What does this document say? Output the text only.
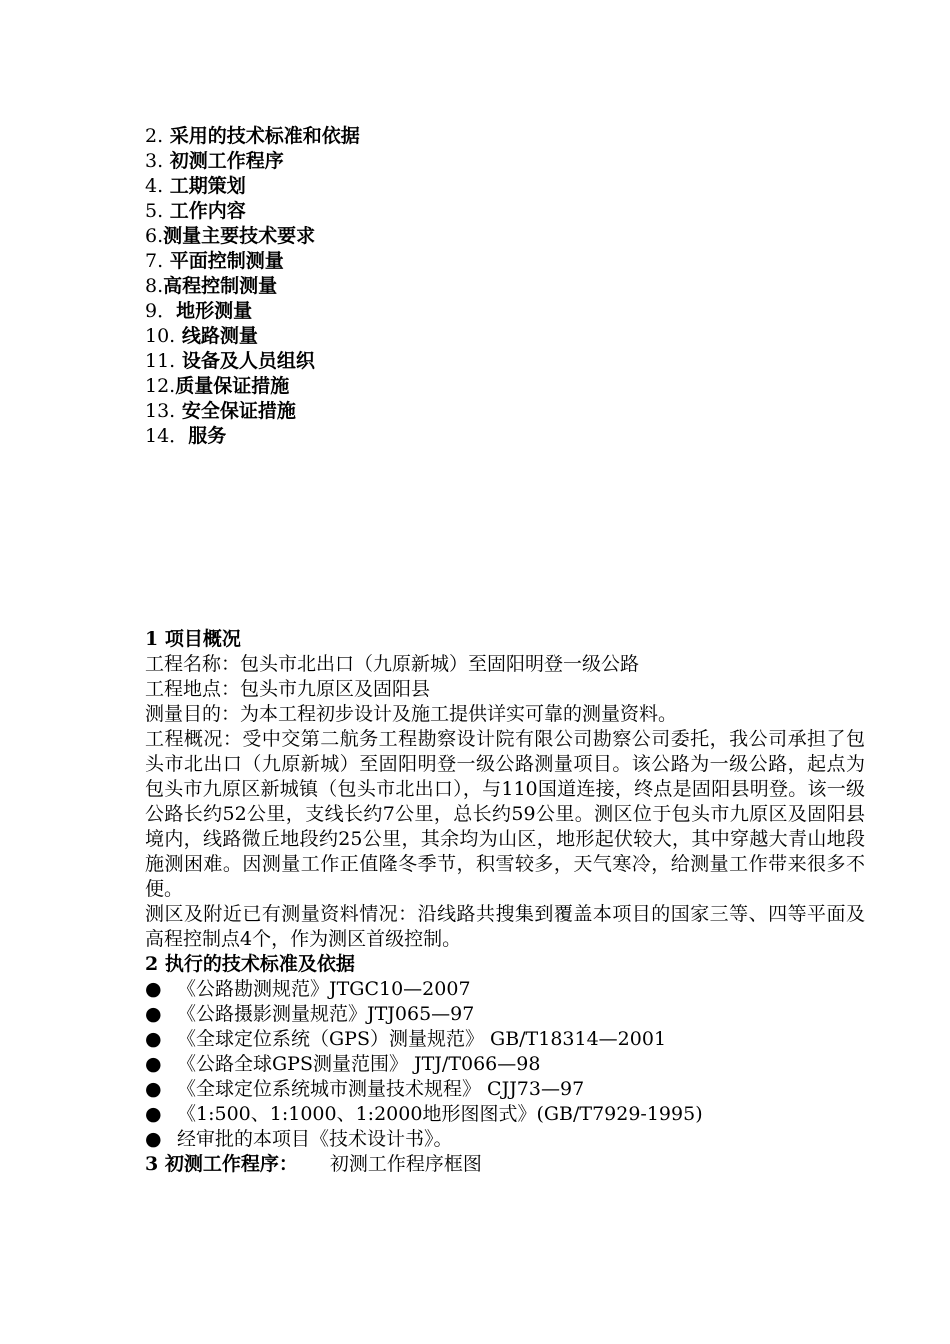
2. 采用的技术标准和依据
3. 初测工作程序
4. 工期策划
5. 工作内容
6.测量主要技术要求
7. 平面控制测量
8.高程控制测量
9．地形测量
10. 线路测量
11. 设备及人员组织
12.质量保证措施
13. 安全保证措施
14．服务
1 项目概况
工程名称：包头市北出口（九原新城）至固阳明登一级公路
工程地点：包头市九原区及固阳县
测量目的：为本工程初步设计及施工提供详实可靠的测量资料。
工程概况：受中交第二航务工程勘察设计院有限公司勘察公司委托，我公司承担了包头市北出口（九原新城）至固阳明登一级公路测量项目。该公路为一级公路，起点为包头市九原区新城镇（包头市北出口），与110国道连接，终点是固阳县明登。该一级公路长约52公里，支线长约7公里，总长约59公里。测区位于包头市九原区及固阳县境内，线路微丘地段约25公里，其余均为山区，地形起伏较大，其中穿越大青山地段施测困难。因测量工作正值隆冬季节，积雪较多，天气寒冷，给测量工作带来很多不便。
测区及附近已有测量资料情况：沿线路共搜集到覆盖本项目的国家三等、四等平面及高程控制点4个，作为测区首级控制。
2 执行的技术标准及依据
● 《公路勘测规范》JTGC10—2007
● 《公路摄影测量规范》JTJ065—97
● 《全球定位系统（GPS）测量规范》 GB/T18314—2001
● 《公路全球GPS测量范围》 JTJ/T066—98
● 《全球定位系统城市测量技术规程》 CJJ73—97
● 《1:500、1:1000、1:2000地形图图式》(GB/T7929-1995)
● 经审批的本项目《技术设计书》。
3 初测工作程序： 初测工作程序框图
